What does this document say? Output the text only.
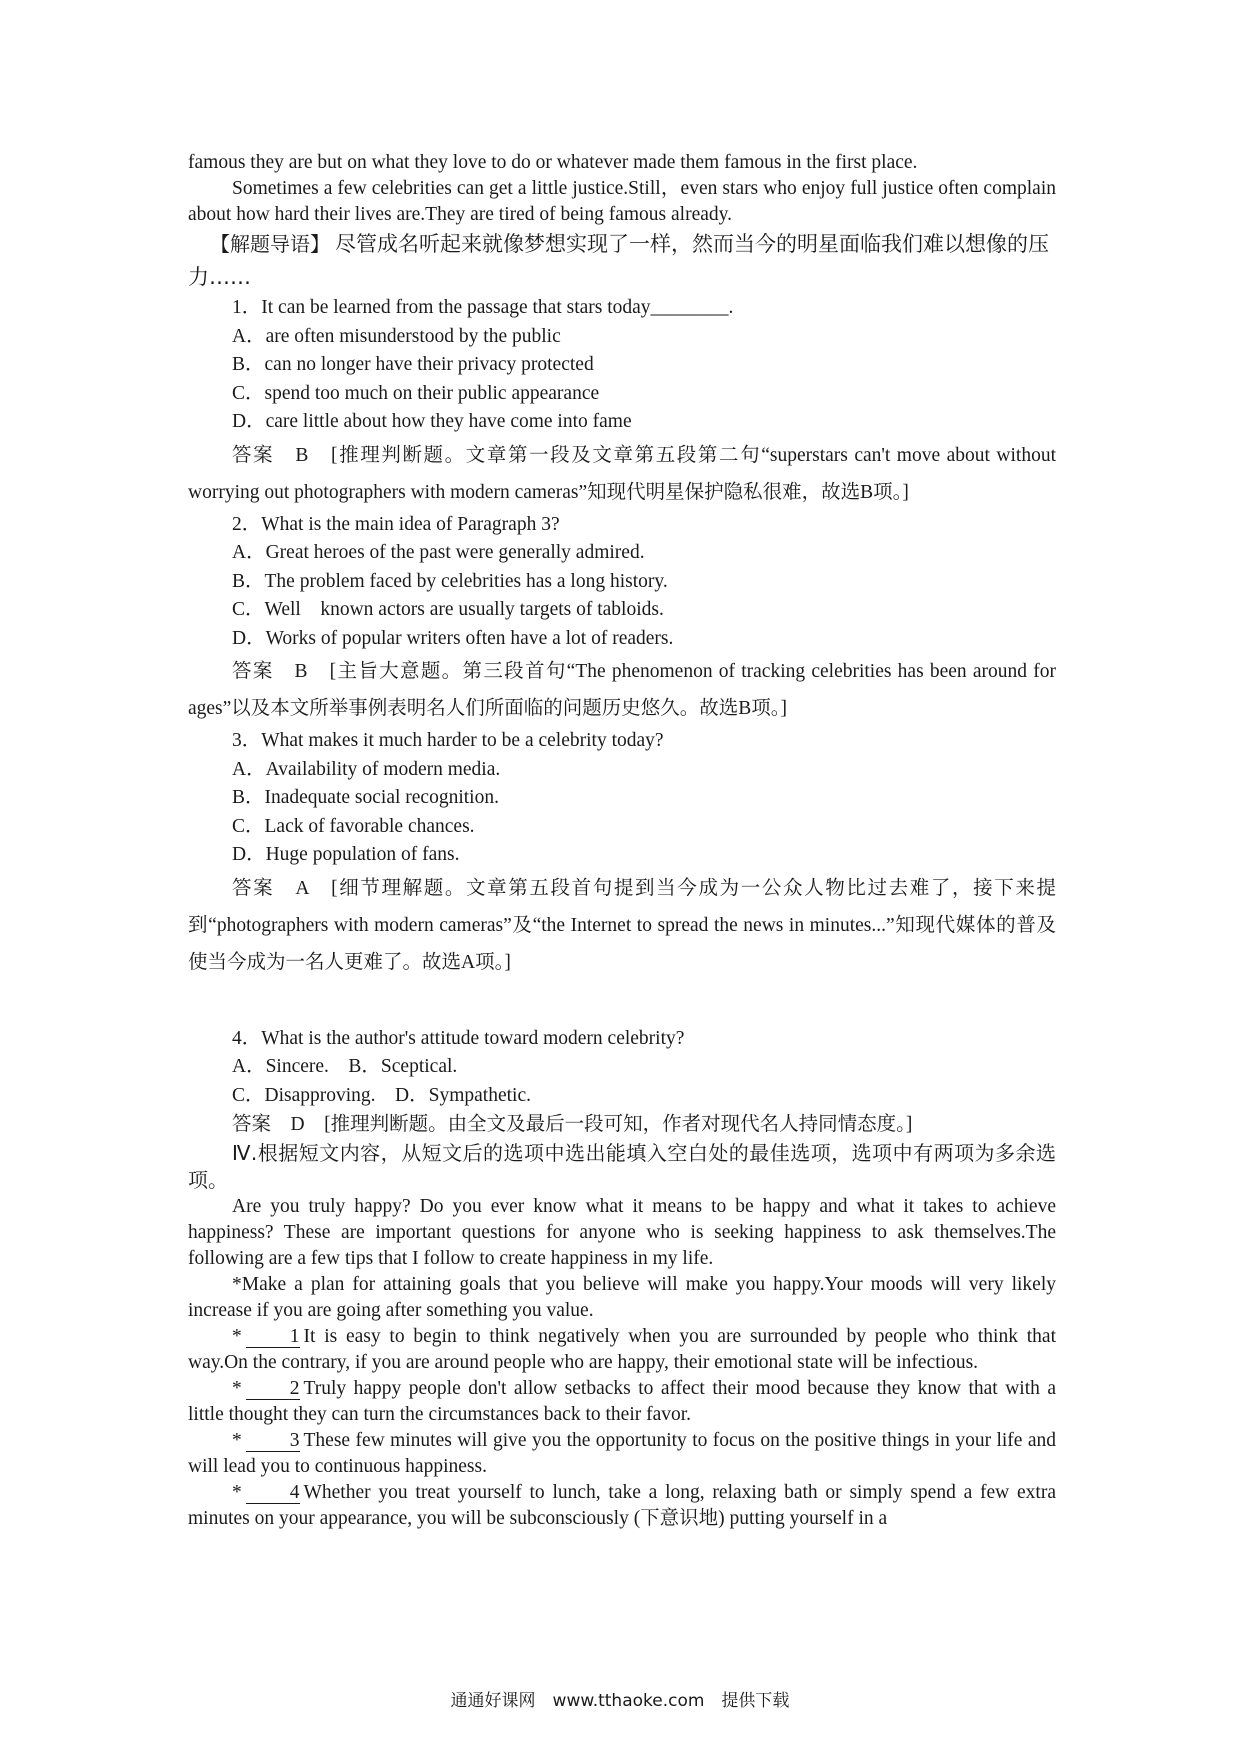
famous they are but on what they love to do or whatever made them famous in the first place.

Sometimes a few celebrities can get a little justice.Still，even stars who enjoy full justice often complain about how hard their lives are.They are tired of being famous already.

【解题导语】 尽管成名听起来就像梦想实现了一样，然而当今的明星面临我们难以想像的压力……

1．It can be learned from the passage that stars today________.

A．are often misunderstood by the public

B．can no longer have their privacy protected

C．spend too much on their public appearance

D．care little about how they have come into fame

答案　B　[推理判断题。文章第一段及文章第五段第二句“superstars can't move about without worrying out photographers with modern cameras”知现代明星保护隐私很难，故选B项。]

2．What is the main idea of Paragraph 3?

A．Great heroes of the past were generally admired.

B．The problem faced by celebrities has a long history.

C．Well　known actors are usually targets of tabloids.

D．Works of popular writers often have a lot of readers.

答案　B　[主旨大意题。第三段首句“The phenomenon of tracking celebrities has been around for ages”以及本文所举事例表明名人们所面临的问题历史悠久。故选B项。]

3．What makes it much harder to be a celebrity today?

A．Availability of modern media.

B．Inadequate social recognition.

C．Lack of favorable chances.

D．Huge population of fans.

答案　A　[细节理解题。文章第五段首句提到当今成为一公众人物比过去难了，接下来提到“photographers with modern cameras”及“the Internet to spread the news in minutes...”知现代媒体的普及使当今成为一名人更难了。故选A项。]

4．What is the author's attitude toward modern celebrity?

A．Sincere.　B．Sceptical.

C．Disapproving.　D．Sympathetic.

答案　D　[推理判断题。由全文及最后一段可知，作者对现代名人持同情态度。]

Ⅳ.根据短文内容，从短文后的选项中选出能填入空白处的最佳选项，选项中有两项为多余选项。

Are you truly happy? Do you ever know what it means to be happy and what it takes to achieve happiness? These are important questions for anyone who is seeking happiness to ask themselves.The following are a few tips that I follow to create happiness in my life.

*Make a plan for attaining goals that you believe will make you happy.Your moods will very likely increase if you are going after something you value.

* 1 It is easy to begin to think negatively when you are surrounded by people who think that way.On the contrary, if you are around people who are happy, their emotional state will be infectious.

* 2 Truly happy people don't allow setbacks to affect their mood because they know that with a little thought they can turn the circumstances back to their favor.

* 3 These few minutes will give you the opportunity to focus on the positive things in your life and will lead you to continuous happiness.

* 4 Whether you treat yourself to lunch, take a long, relaxing bath or simply spend a few extra minutes on your appearance, you will be subconsciously (下意识地) putting yourself in a

通通好课网　www.tthaoke.com　提供下载
